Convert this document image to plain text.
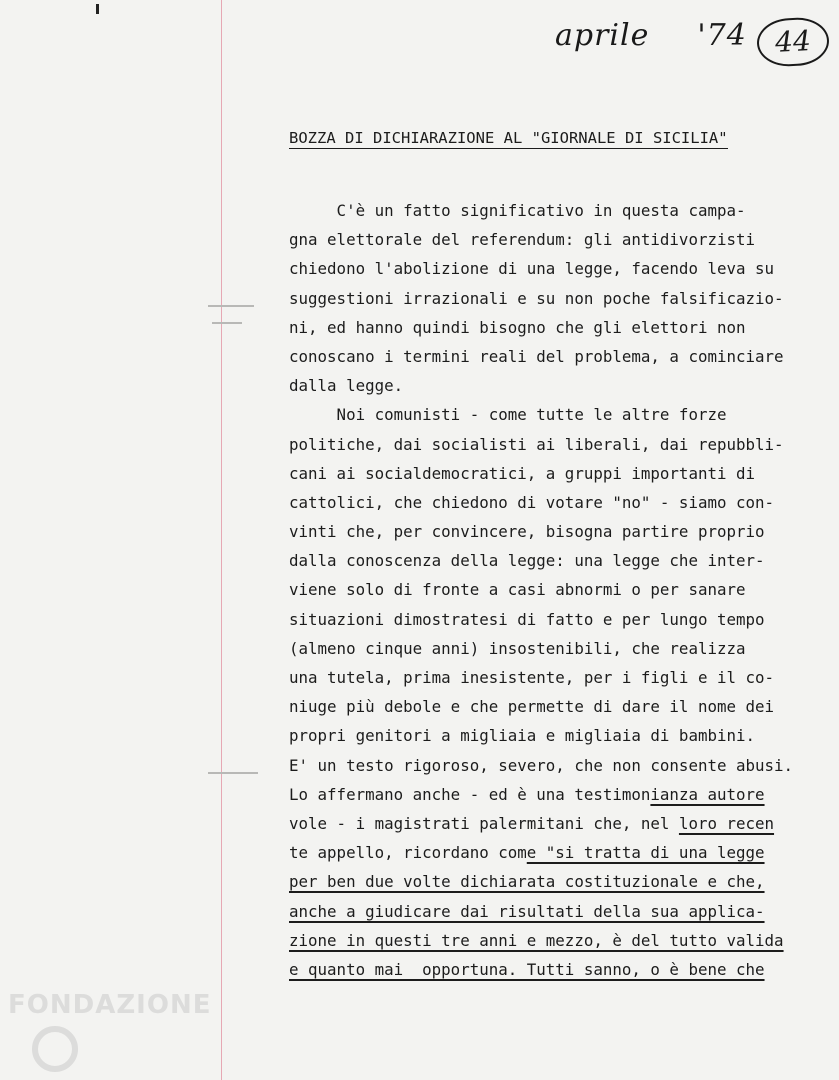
aprile '74 44
BOZZA DI DICHIARAZIONE AL "GIORNALE DI SICILIA"
C'è un fatto significativo in questa campa-
gna elettorale del referendum: gli antidivorzisti
chiedono l'abolizione di una legge, facendo leva su
suggestioni irrazionali e su non poche falsificazio-
ni, ed hanno quindi bisogno che gli elettori non
conoscano i termini reali del problema, a cominciare
dalla legge.
Noi comunisti - come tutte le altre forze
politiche, dai socialisti ai liberali, dai repubbli-
cani ai socialdemocratici, a gruppi importanti di
cattolici, che chiedono di votare "no" - siamo con-
vinti che, per convincere, bisogna partire proprio
dalla conoscenza della legge: una legge che inter-
viene solo di fronte a casi abnormi o per sanare
situazioni dimostratesi di fatto e per lungo tempo
(almeno cinque anni) insostenibili, che realizza
una tutela, prima inesistente, per i figli e il co-
niuge più debole e che permette di dare il nome dei
propri genitori a migliaia e migliaia di bambini.
E' un testo rigoroso, severo, che non consente abusi.
Lo affermano anche - ed è una testimonianza autore
vole - i magistrati palermitani che, nel loro recen
te appello, ricordano come "si tratta di una legge
per ben due volte dichiarata costituzionale e che,
anche a giudicare dai risultati della sua applica-
zione in questi tre anni e mezzo, è del tutto valida
e quanto mai  opportuna. Tutti sanno, o è bene che
FONDAZIONE
